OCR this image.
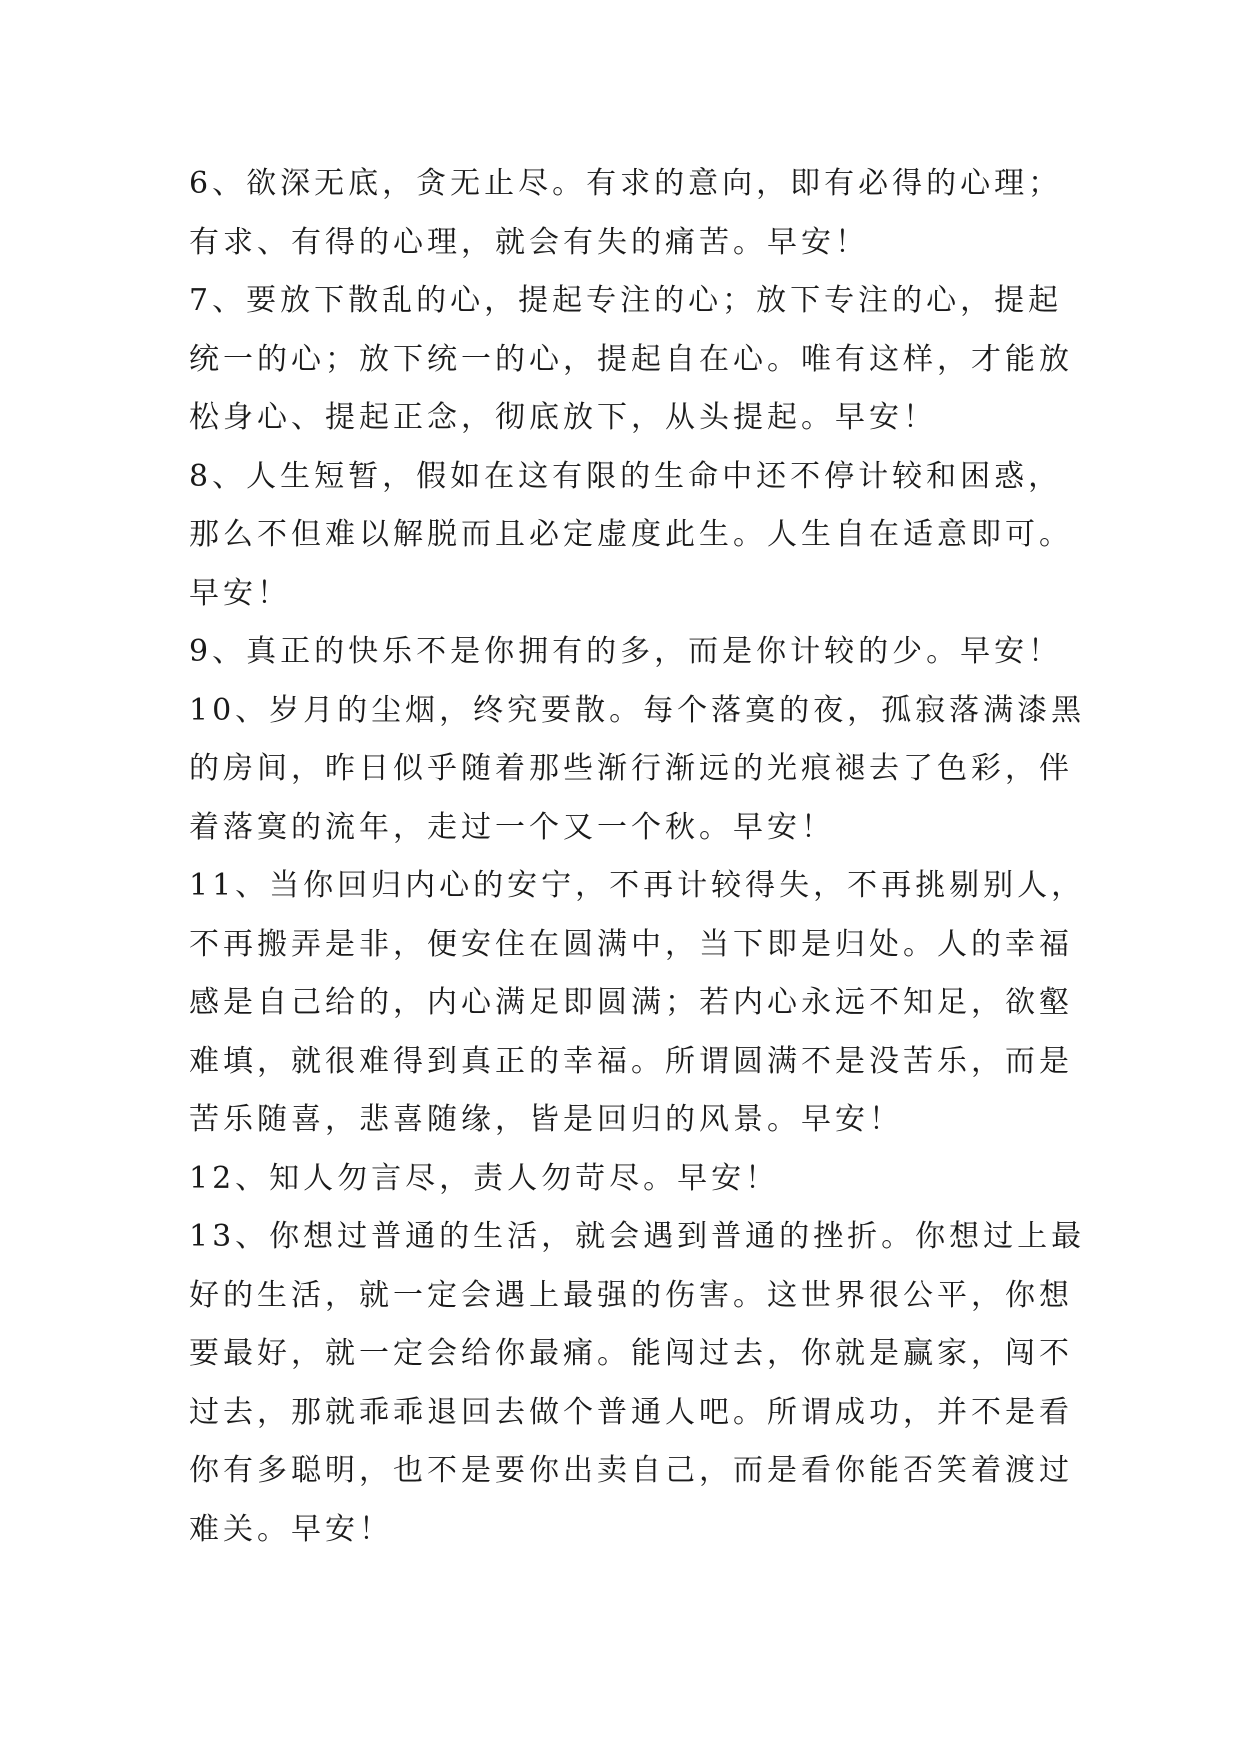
6、欲深无底，贪无止尽。有求的意向，即有必得的心理；
有求、有得的心理，就会有失的痛苦。早安！
7、要放下散乱的心，提起专注的心；放下专注的心，提起
统一的心；放下统一的心，提起自在心。唯有这样，才能放
松身心、提起正念，彻底放下，从头提起。早安！
8、人生短暂，假如在这有限的生命中还不停计较和困惑，
那么不但难以解脱而且必定虚度此生。人生自在适意即可。
早安！
9、真正的快乐不是你拥有的多，而是你计较的少。早安！
10、岁月的尘烟，终究要散。每个落寞的夜，孤寂落满漆黑
的房间，昨日似乎随着那些渐行渐远的光痕褪去了色彩，伴
着落寞的流年，走过一个又一个秋。早安！
11、当你回归内心的安宁，不再计较得失，不再挑剔别人，
不再搬弄是非，便安住在圆满中，当下即是归处。人的幸福
感是自己给的，内心满足即圆满；若内心永远不知足，欲壑
难填，就很难得到真正的幸福。所谓圆满不是没苦乐，而是
苦乐随喜，悲喜随缘，皆是回归的风景。早安！
12、知人勿言尽，责人勿苛尽。早安！
13、你想过普通的生活，就会遇到普通的挫折。你想过上最
好的生活，就一定会遇上最强的伤害。这世界很公平，你想
要最好，就一定会给你最痛。能闯过去，你就是赢家，闯不
过去，那就乖乖退回去做个普通人吧。所谓成功，并不是看
你有多聪明，也不是要你出卖自己，而是看你能否笑着渡过
难关。早安！
